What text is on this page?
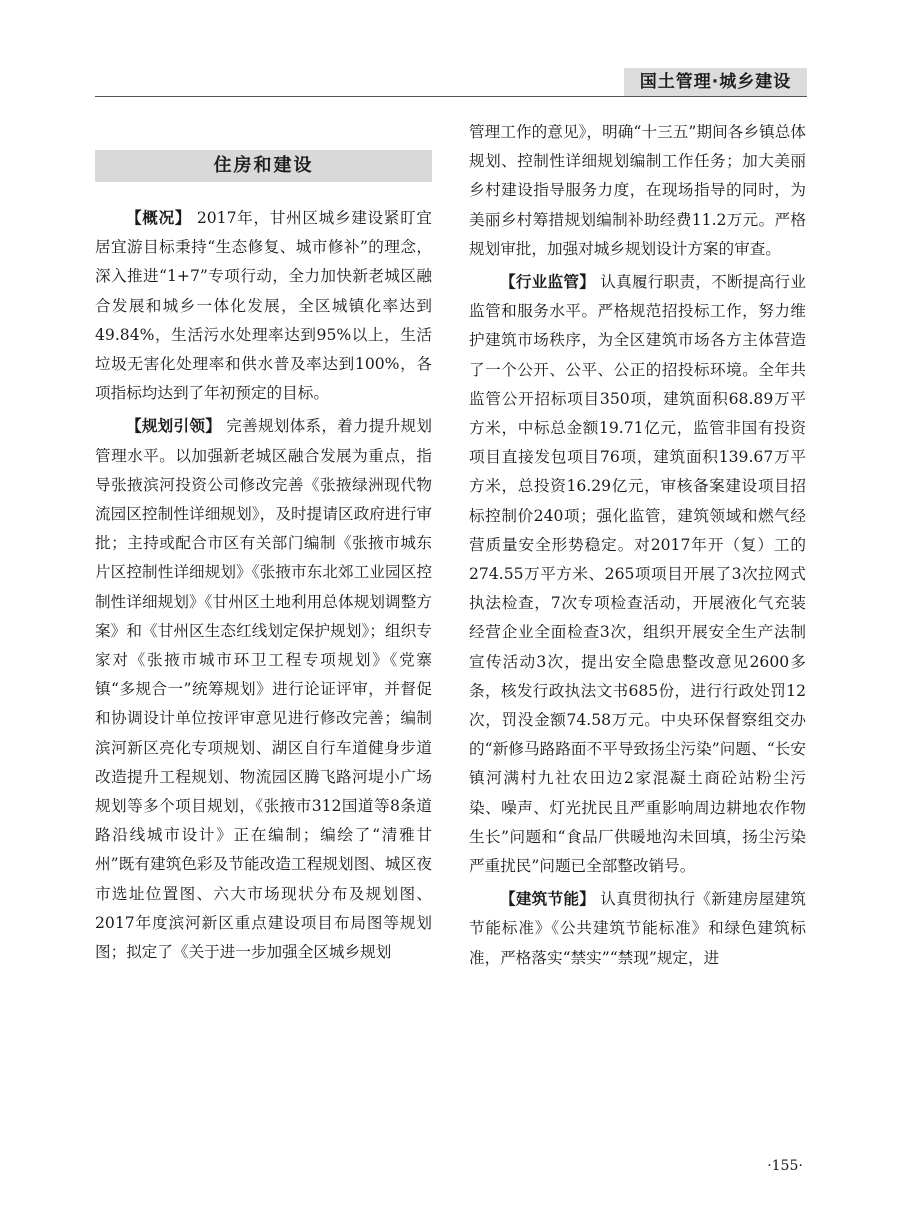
国土管理·城乡建设
住房和建设

【概况】 2017年，甘州区城乡建设紧盯宜居宜游目标秉持“生态修复、城市修补”的理念，深入推进“1+7”专项行动，全力加快新老城区融合发展和城乡一体化发展，全区城镇化率达到49.84%，生活污水处理率达到95%以上，生活垃圾无害化处理率和供水普及率达到100%，各项指标均达到了年初预定的目标。

【规划引领】 完善规划体系，着力提升规划管理水平。以加强新老城区融合发展为重点，指导张掖滨河投资公司修改完善《张掖绿洲现代物流园区控制性详细规划》，及时提请区政府进行审批；主持或配合市区有关部门编制《张掖市城东片区控制性详细规划》《张掖市东北郊工业园区控制性详细规划》《甘州区土地利用总体规划调整方案》和《甘州区生态红线划定保护规划》；组织专家对《张掖市城市环卫工程专项规划》《党寨镇“多规合一”统筹规划》进行论证评审，并督促和协调设计单位按评审意见进行修改完善；编制滨河新区亮化专项规划、湖区自行车道健身步道改造提升工程规划、物流园区腾飞路河堤小广场规划等多个项目规划，《张掖市312国道等8条道路沿线城市设计》正在编制；编绘了“清雅甘州”既有建筑色彩及节能改造工程规划图、城区夜市选址位置图、六大市场现状分布及规划图、2017年度滨河新区重点建设项目布局图等规划图；拟定了《关于进一步加强全区城乡规划

管理工作的意见》，明确“十三五”期间各乡镇总体规划、控制性详细规划编制工作任务；加大美丽乡村建设指导服务力度，在现场指导的同时，为美丽乡村筹措规划编制补助经费11.2万元。严格规划审批，加强对城乡规划设计方案的审查。

【行业监管】 认真履行职责，不断提高行业监管和服务水平。严格规范招投标工作，努力维护建筑市场秩序，为全区建筑市场各方主体营造了一个公开、公平、公正的招投标环境。全年共监管公开招标项目350项，建筑面积68.89万平方米，中标总金额19.71亿元，监管非国有投资项目直接发包项目76项，建筑面积139.67万平方米，总投资16.29亿元，审核备案建设项目招标控制价240项；强化监管，建筑领域和燃气经营质量安全形势稳定。对2017年开（复）工的274.55万平方米、265项项目开展了3次拉网式执法检查，7次专项检查活动，开展液化气充装经营企业全面检查3次，组织开展安全生产法制宣传活动3次，提出安全隐患整改意见2600多条，核发行政执法文书685份，进行行政处罚12次，罚没金额74.58万元。中央环保督察组交办的“新修马路路面不平导致扬尘污染”问题、“长安镇河满村九社农田边2家混凝土商砼站粉尘污染、噪声、灯光扰民且严重影响周边耕地农作物生长”问题和“食品厂供暖地沟未回填，扬尘污染严重扰民”问题已全部整改销号。

【建筑节能】 认真贯彻执行《新建房屋建筑节能标准》《公共建筑节能标准》和绿色建筑标准，严格落实“禁实”“禁现”规定，进

·155·
